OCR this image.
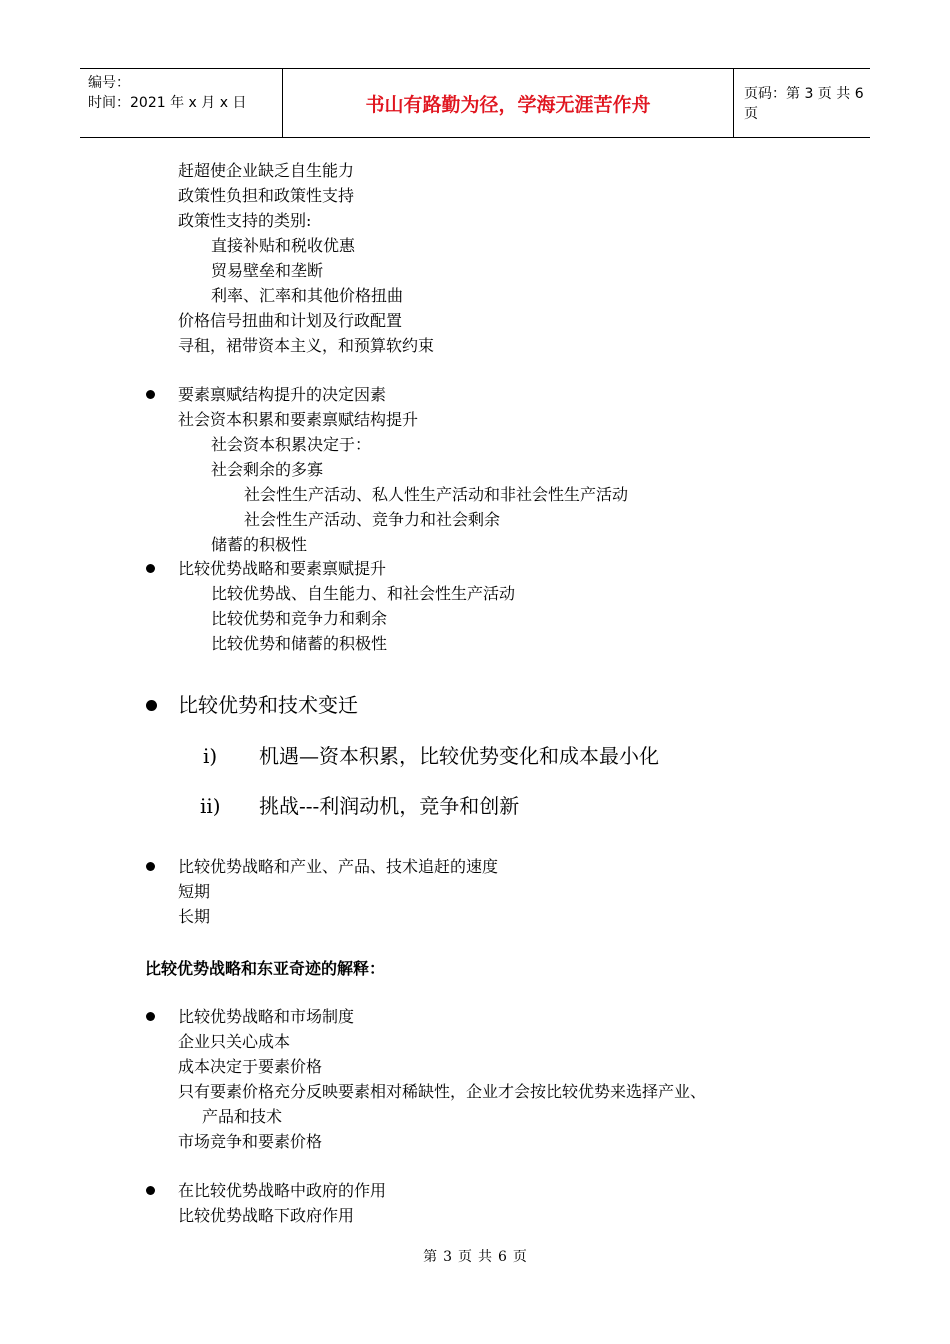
编号：
时间：2021 年 x 月 x 日	书山有路勤为径，学海无涯苦作舟	页码：第 3 页 共 6 页
赶超使企业缺乏自生能力
政策性负担和政策性支持
政策性支持的类别:
直接补贴和税收优惠
贸易壁垒和垄断
利率、汇率和其他价格扭曲
价格信号扭曲和计划及行政配置
寻租，裙带资本主义，和预算软约束
要素禀赋结构提升的决定因素
社会资本积累和要素禀赋结构提升
社会资本积累决定于：
社会剩余的多寡
社会性生产活动、私人性生产活动和非社会性生产活动
社会性生产活动、竞争力和社会剩余
储蓄的积极性
比较优势战略和要素禀赋提升
比较优势战、自生能力、和社会性生产活动
比较优势和竞争力和剩余
比较优势和储蓄的积极性
比较优势和技术变迁
i) 机遇—资本积累，比较优势变化和成本最小化
ii) 挑战---利润动机，竞争和创新
比较优势战略和产业、产品、技术追赶的速度
短期
长期
比较优势战略和东亚奇迹的解释：
比较优势战略和市场制度
企业只关心成本
成本决定于要素价格
只有要素价格充分反映要素相对稀缺性，企业才会按比较优势来选择产业、
产品和技术
市场竞争和要素价格
在比较优势战略中政府的作用
比较优势战略下政府作用
第 3 页 共 6 页
